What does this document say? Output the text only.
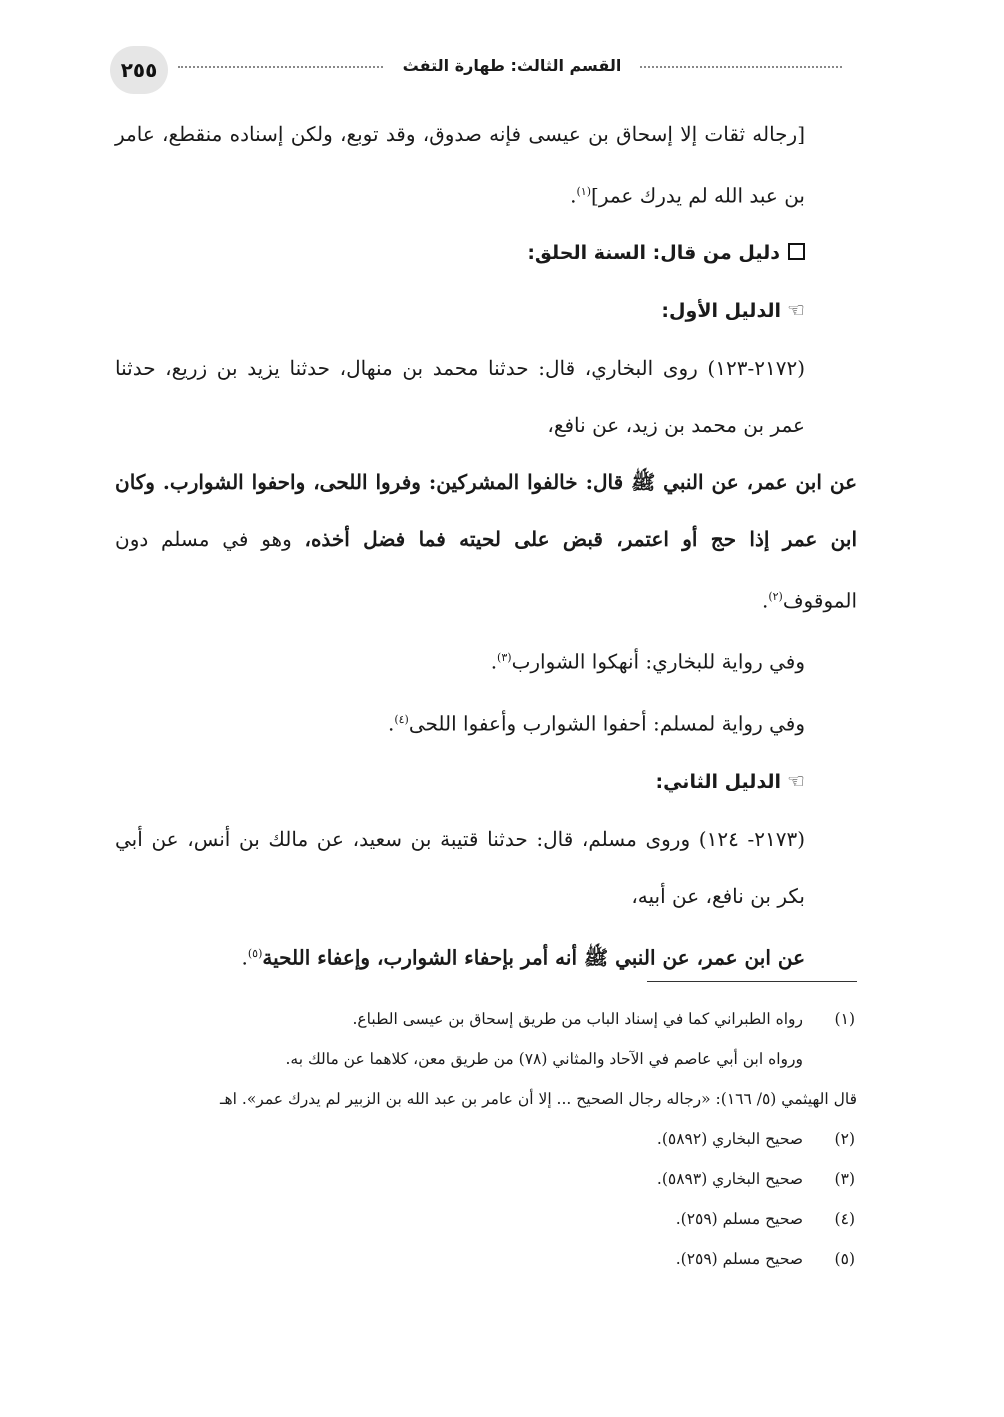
٢٥٥	القسم الثالث: طهارة التفث

[رجاله ثقات إلا إسحاق بن عيسى فإنه صدوق، وقد توبع، ولكن إسناده منقطع، عامر بن عبد الله لم يدرك عمر]$^{(١)}$.

دليل من قال: السنة الحلق:
☜الدليل الأول:

(٢١٧٢-١٢٣) روى البخاري، قال: حدثنا محمد بن منهال، حدثنا يزيد بن زريع، حدثنا عمر بن محمد بن زيد، عن نافع،

عن ابن عمر، عن النبي ﷺ قال: خالفوا المشركين: وفروا اللحى، واحفوا الشوارب. وكان ابن عمر إذا حج أو اعتمر، قبض على لحيته فما فضل أخذه، وهو في مسلم دون الموقوف$^{(٢)}$.

وفي رواية للبخاري: أنهكوا الشوارب$^{(٣)}$.

وفي رواية لمسلم: أحفوا الشوارب وأعفوا اللحى$^{(٤)}$.

☜الدليل الثاني:

(٢١٧٣- ١٢٤) وروى مسلم، قال: حدثنا قتيبة بن سعيد، عن مالك بن أنس، عن أبي بكر بن نافع، عن أبيه،

عن ابن عمر، عن النبي ﷺ أنه أمر بإحفاء الشوارب، وإعفاء اللحية$^{(٥)}$.

(١)
رواه الطبراني كما في إسناد الباب من طريق إسحاق بن عيسى الطباع.
ورواه ابن أبي عاصم في الآحاد والمثاني (٧٨) من طريق معن، كلاهما عن مالك به.
قال الهيثمي (٥/ ١٦٦): «رجاله رجال الصحيح ... إلا أن عامر بن عبد الله بن الزبير لم يدرك عمر». اهـ
(٢)
صحيح البخاري (٥٨٩٢).
(٣)
صحيح البخاري (٥٨٩٣).
(٤)
صحيح مسلم (٢٥٩).
(٥)
صحيح مسلم (٢٥٩).
